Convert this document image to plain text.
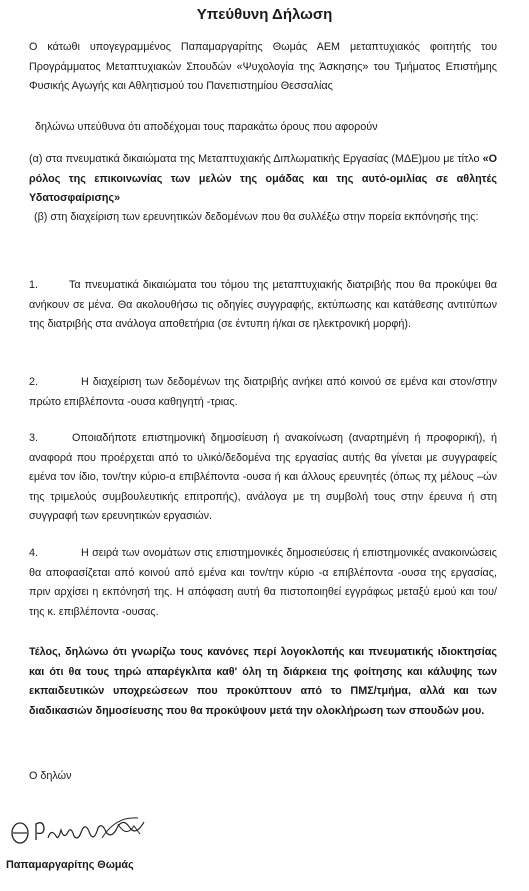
Υπεύθυνη Δήλωση
Ο κάτωθι υπογεγραμμένος Παπαμαργαρίτης Θωμάς ΑΕΜ μεταπτυχιακός φοιτητής του Προγράμματος Μεταπτυχιακών Σπουδών «Ψυχολογία της Άσκησης» του Τμήματος Επιστήμης Φυσικής Αγωγής και Αθλητισμού του Πανεπιστημίου Θεσσαλίας
δηλώνω υπεύθυνα ότι αποδέχομαι τους παρακάτω όρους που αφορούν
(α) στα πνευματικά δικαιώματα της Μεταπτυχιακής Διπλωματικής Εργασίας (ΜΔΕ)μου με τίτλο «Ο ρόλος της επικοινωνίας των μελών της ομάδας και της αυτό-ομιλίας σε αθλητές Υδατοσφαίρισης»
(β) στη διαχείριση των ερευνητικών δεδομένων που θα συλλέξω στην πορεία εκπόνησής της:
1.	Τα πνευματικά δικαιώματα του τόμου της μεταπτυχιακής διατριβής που θα προκύψει θα ανήκουν σε μένα. Θα ακολουθήσω τις οδηγίες συγγραφής, εκτύπωσης και κατάθεσης αντιτύπων της διατριβής στα ανάλογα αποθετήρια (σε έντυπη ή/και σε ηλεκτρονική μορφή).
2.	Η διαχείριση των δεδομένων της διατριβής ανήκει από κοινού σε εμένα και στον/στην πρώτο επιβλέποντα -ουσα καθηγητή -τριας.
3.	Οποιαδήποτε επιστημονική δημοσίευση ή ανακοίνωση (αναρτημένη ή προφορική), ή αναφορά που προέρχεται από το υλικό/δεδομένα της εργασίας αυτής θα γίνεται με συγγραφείς εμένα τον ίδιο, τον/την κύριο-α επιβλέποντα -ουσα ή και άλλους ερευνητές (όπως πχ μέλους –ών της τριμελούς συμβουλευτικής επιτροπής), ανάλογα με τη συμβολή τους στην έρευνα ή στη συγγραφή των ερευνητικών εργασιών.
4.	Η σειρά των ονομάτων στις επιστημονικές δημοσιεύσεις ή επιστημονικές ανακοινώσεις θα αποφασίζεται από κοινού από εμένα και τον/την κύριο -α επιβλέποντα -ουσα της εργασίας, πριν αρχίσει η εκπόνησή της. Η απόφαση αυτή θα πιστοποιηθεί εγγράφως μεταξύ εμού και του/της κ. επιβλέποντα -ουσας.
Τέλος, δηλώνω ότι γνωρίζω τους κανόνες περί λογοκλοπής και πνευματικής ιδιοκτησίας και ότι θα τους τηρώ απαρέγκλιτα καθ' όλη τη διάρκεια της φοίτησης και κάλυψης των εκπαιδευτικών υποχρεώσεων που προκύπτουν από το ΠΜΣ/τμήμα, αλλά και των διαδικασιών δημοσίευσης που θα προκύψουν μετά την ολοκλήρωση των σπουδών μου.
Ο δηλών
Παπαμαργαρίτης Θωμάς
